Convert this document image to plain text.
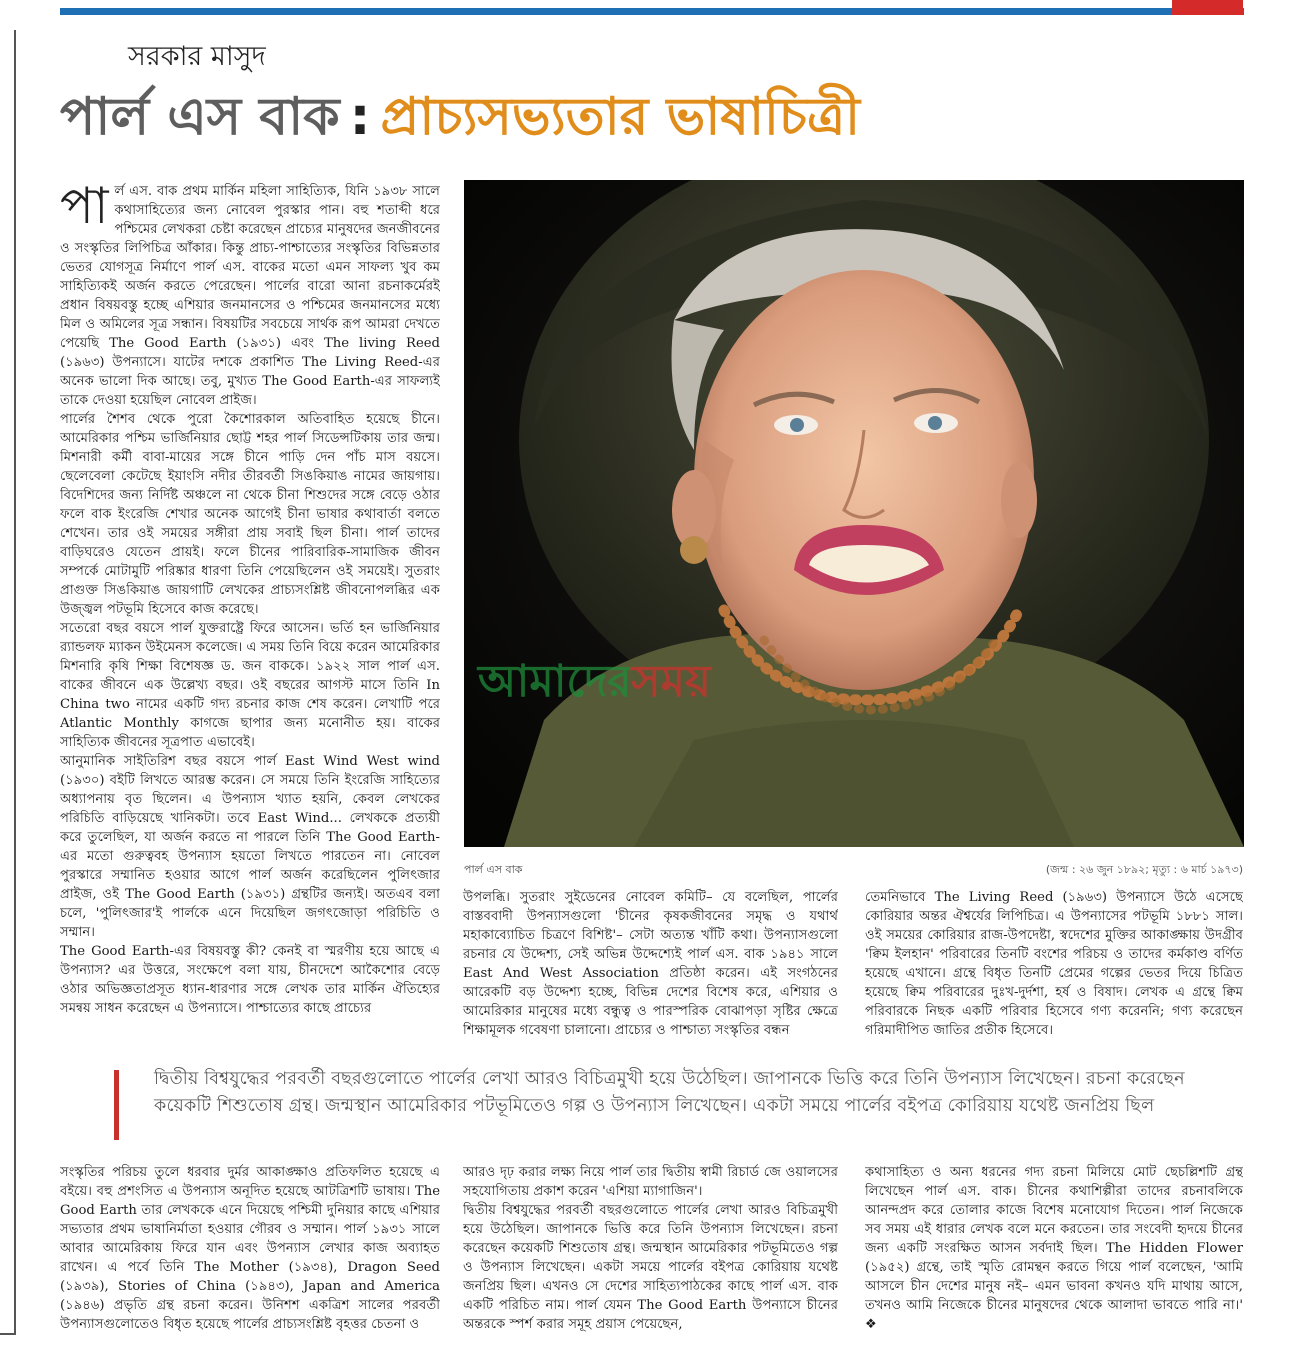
সরকার মাসুদ
পার্ল এস বাক : প্রাচ্যসভ্যতার ভাষাচিত্রী

পার্ল এস. বাক প্রথম মার্কিন মহিলা সাহিত্যিক, যিনি ১৯৩৮ সালে কথাসাহিত্যের জন্য নোবেল পুরস্কার পান। বহু শতাব্দী ধরে পশ্চিমের লেখকরা চেষ্টা করেছেন প্রাচ্যের মানুষদের জনজীবনের ও সংস্কৃতির লিপিচিত্র আঁকার। কিন্তু প্রাচ্য-পাশ্চাত্যের সংস্কৃতির বিভিন্নতার ভেতর যোগসূত্র নির্মাণে পার্ল এস. বাকের মতো এমন সাফল্য খুব কম সাহিত্যিকই অর্জন করতে পেরেছেন। পার্লের বারো আনা রচনাকর্মেরই প্রধান বিষয়বস্তু হচ্ছে এশিয়ার জনমানসের ও পশ্চিমের জনমানসের মধ্যে মিল ও অমিলের সূত্র সন্ধান। বিষয়টির সবচেয়ে সার্থক রূপ আমরা দেখতে পেয়েছি The Good Earth (১৯৩১) এবং The living Reed (১৯৬৩) উপন্যাসে। যাটের দশকে প্রকাশিত The Living Reed-এর অনেক ভালো দিক আছে। তবু, মুখ্যত The Good Earth-এর সাফল্যই তাকে দেওয়া হয়েছিল নোবেল প্রাইজ।

পার্লের শৈশব থেকে পুরো কৈশোরকাল অতিবাহিত হয়েছে চীনে। আমেরিকার পশ্চিম ভার্জিনিয়ার ছোট্ট শহর পার্ল সিডেন্সটিকায় তার জন্ম। মিশনারী কর্মী বাবা-মায়ের সঙ্গে চীনে পাড়ি দেন পাঁচ মাস বয়সে। ছেলেবেলা কেটেছে ইয়াংসি নদীর তীরবর্তী সিঙকিয়াঙ নামের জায়গায়। বিদেশিদের জন্য নির্দিষ্ট অঞ্চলে না থেকে চীনা শিশুদের সঙ্গে বেড়ে ওঠার ফলে বাক ইংরেজি শেখার অনেক আগেই চীনা ভাষার কথাবার্তা বলতে শেখেন। তার ওই সময়ের সঙ্গীরা প্রায় সবাই ছিল চীনা। পার্ল তাদের বাড়িঘরেও যেতেন প্রায়ই। ফলে চীনের পারিবারিক-সামাজিক জীবন সম্পর্কে মোটামুটি পরিষ্কার ধারণা তিনি পেয়েছিলেন ওই সময়েই। সুতরাং প্রাগুক্ত সিঙকিয়াঙ জায়গাটি লেখকের প্রাচ্যসংশ্লিষ্ট জীবনোপলব্ধির এক উজ্জ্বল পটভূমি হিসেবে কাজ করেছে।

সতেরো বছর বয়সে পার্ল যুক্তরাষ্ট্রে ফিরে আসেন। ভর্তি হন ভার্জিনিয়ার র‍্যান্ডলফ ম্যাকন উইমেনস কলেজে। এ সময় তিনি বিয়ে করেন আমেরিকার মিশনারি কৃষি শিক্ষা বিশেষজ্ঞ ড. জন বাককে। ১৯২২ সাল পার্ল এস. বাকের জীবনে এক উল্লেখ্য বছর। ওই বছরের আগস্ট মাসে তিনি In China two নামের একটি গদ্য রচনার কাজ শেষ করেন। লেখাটি পরে Atlantic Monthly কাগজে ছাপার জন্য মনোনীত হয়। বাকের সাহিত্যিক জীবনের সূত্রপাত এভাবেই।

আনুমানিক সাইতিরিশ বছর বয়সে পার্ল East Wind West wind (১৯৩০) বইটি লিখতে আরম্ভ করেন। সে সময়ে তিনি ইংরেজি সাহিত্যের অধ্যাপনায় বৃত ছিলেন। এ উপন্যাস খ্যাত হয়নি, কেবল লেখকের পরিচিতি বাড়িয়েছে খানিকটা। তবে East Wind... লেখককে প্রত্যয়ী করে তুলেছিল, যা অর্জন করতে না পারলে তিনি The Good Earth-এর মতো গুরুত্ববহ উপন্যাস হয়তো লিখতে পারতেন না। নোবেল পুরস্কারে সম্মানিত হওয়ার আগে পার্ল অর্জন করেছিলেন পুলিৎজার প্রাইজ, ওই The Good Earth (১৯৩১) গ্রন্থটির জন্যই। অতএব বলা চলে, 'পুলিৎজার'ই পার্লকে এনে দিয়েছিল জগৎজোড়া পরিচিতি ও সম্মান।

The Good Earth-এর বিষয়বস্তু কী? কেনই বা স্মরণীয় হয়ে আছে এ উপন্যাস? এর উত্তরে, সংক্ষেপে বলা যায়, চীনদেশে আকৈশোর বেড়ে ওঠার অভিজ্ঞতাপ্রসূত ধ্যান-ধারণার সঙ্গে লেখক তার মার্কিন ঐতিহ্যের সমন্বয় সাধন করেছেন এ উপন্যাসে। পাশ্চাত্যের কাছে প্রাচ্যের

আমাদেরসময়
পার্ল এস বাক	(জন্ম : ২৬ জুন ১৮৯২; মৃত্যু : ৬ মার্চ ১৯৭৩)

উপলব্ধি। সুতরাং সুইডেনের নোবেল কমিটি– যে বলেছিল, পার্লের বাস্তববাদী উপন্যাসগুলো 'চীনের কৃষকজীবনের সমৃদ্ধ ও যথার্থ মহাকাব্যোচিত চিত্রণে বিশিষ্ট'– সেটা অত্যন্ত খাঁটি কথা। উপন্যাসগুলো রচনার যে উদ্দেশ্য, সেই অভিন্ন উদ্দেশ্যেই পার্ল এস. বাক ১৯৪১ সালে East And West Association প্রতিষ্ঠা করেন। এই সংগঠনের আরেকটি বড় উদ্দেশ্য হচ্ছে, বিভিন্ন দেশের বিশেষ করে, এশিয়ার ও আমেরিকার মানুষের মধ্যে বন্ধুত্ব ও পারস্পরিক বোঝাপড়া সৃষ্টির ক্ষেত্রে শিক্ষামূলক গবেষণা চালানো। প্রাচ্যের ও পাশ্চাত্য সংস্কৃতির বন্ধন

তেমনিভাবে The Living Reed (১৯৬৩) উপন্যাসে উঠে এসেছে কোরিয়ার অন্তর ঐশ্বর্যের লিপিচিত্র। এ উপন্যাসের পটভূমি ১৮৮১ সাল। ওই সময়ের কোরিয়ার রাজ-উপদেষ্টা, স্বদেশের মুক্তির আকাঙ্ক্ষায় উদগ্রীব 'ক্বিম ইলহান' পরিবারের তিনটি বংশের পরিচয় ও তাদের কর্মকাণ্ড বর্ণিত হয়েছে এখানে। গ্রন্থে বিধৃত তিনটি প্রেমের গল্পের ভেতর দিয়ে চিত্রিত হয়েছে ক্বিম পরিবারের দুঃখ-দুর্দশা, হর্ষ ও বিষাদ। লেখক এ গ্রন্থে ক্বিম পরিবারকে নিছক একটি পরিবার হিসেবে গণ্য করেননি; গণ্য করেছেন গরিমাদীপিত জাতির প্রতীক হিসেবে।

দ্বিতীয় বিশ্বযুদ্ধের পরবর্তী বছরগুলোতে পার্লের লেখা আরও বিচিত্রমুখী হয়ে উঠেছিল। জাপানকে ভিত্তি করে তিনি উপন্যাস লিখেছেন। রচনা করেছেন কয়েকটি শিশুতোষ গ্রন্থ। জন্মস্থান আমেরিকার পটভূমিতেও গল্প ও উপন্যাস লিখেছেন। একটা সময়ে পার্লের বইপত্র কোরিয়ায় যথেষ্ট জনপ্রিয় ছিল

সংস্কৃতির পরিচয় তুলে ধরবার দুর্মর আকাঙ্ক্ষাও প্রতিফলিত হয়েছে এ বইয়ে। বহু প্রশংসিত এ উপন্যাস অনূদিত হয়েছে আটত্রিশটি ভাষায়। The Good Earth তার লেখককে এনে দিয়েছে পশ্চিমী দুনিয়ার কাছে এশিয়ার সভ্যতার প্রথম ভাষানির্মাতা হওয়ার গৌরব ও সম্মান। পার্ল ১৯৩১ সালে আবার আমেরিকায় ফিরে যান এবং উপন্যাস লেখার কাজ অব্যাহত রাখেন। এ পর্বে তিনি The Mother (১৯৩৪), Dragon Seed (১৯৩৯), Stories of China (১৯৪৩), Japan and America (১৯৪৬) প্রভৃতি গ্রন্থ রচনা করেন। উনিশশ একত্রিশ সালের পরবর্তী উপন্যাসগুলোতেও বিধৃত হয়েছে পার্লের প্রাচ্যসংশ্লিষ্ট বৃহত্তর চেতনা ও

আরও দৃঢ় করার লক্ষ্য নিয়ে পার্ল তার দ্বিতীয় স্বামী রিচার্ড জে ওয়ালসের সহযোগিতায় প্রকাশ করেন 'এশিয়া ম্যাগাজিন'।

দ্বিতীয় বিশ্বযুদ্ধের পরবর্তী বছরগুলোতে পার্লের লেখা আরও বিচিত্রমুখী হয়ে উঠেছিল। জাপানকে ভিত্তি করে তিনি উপন্যাস লিখেছেন। রচনা করেছেন কয়েকটি শিশুতোষ গ্রন্থ। জন্মস্থান আমেরিকার পটভূমিতেও গল্প ও উপন্যাস লিখেছেন। একটা সময়ে পার্লের বইপত্র কোরিয়ায় যথেষ্ট জনপ্রিয় ছিল। এখনও সে দেশের সাহিত্যপাঠকের কাছে পার্ল এস. বাক একটি পরিচিত নাম। পার্ল যেমন The Good Earth উপন্যাসে চীনের অন্তরকে স্পর্শ করার সমূহ প্রয়াস পেয়েছেন,

কথাসাহিত্য ও অন্য ধরনের গদ্য রচনা মিলিয়ে মোট ছেচল্লিশটি গ্রন্থ লিখেছেন পার্ল এস. বাক। চীনের কথাশিল্পীরা তাদের রচনাবলিকে আনন্দপ্রদ করে তোলার কাজে বিশেষ মনোযোগ দিতেন। পার্ল নিজেকে সব সময় এই ধারার লেখক বলে মনে করতেন। তার সংবেদী হৃদয়ে চীনের জন্য একটি সংরক্ষিত আসন সর্বদাই ছিল। The Hidden Flower (১৯৫২) গ্রন্থে, তাই স্মৃতি রোমন্থন করতে গিয়ে পার্ল বলেছেন, 'আমি আসলে চীন দেশের মানুষ নই– এমন ভাবনা কখনও যদি মাথায় আসে, তখনও আমি নিজেকে চীনের মানুষদের থেকে আলাদা ভাবতে পারি না।' ❖
